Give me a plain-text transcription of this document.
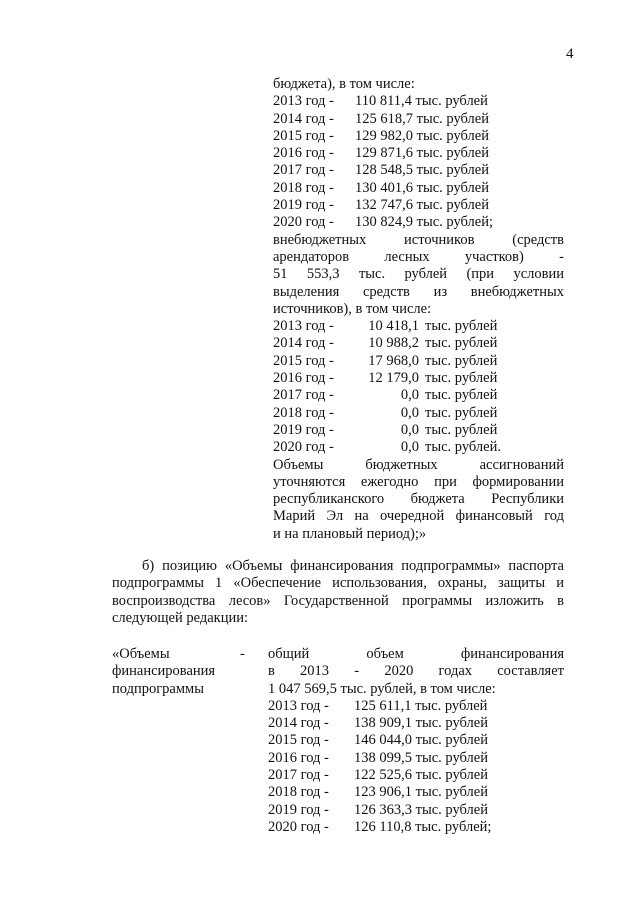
4
бюджета), в том числе:
2013 год -	110 811,4 тыс. рублей
2014 год -	125 618,7 тыс. рублей
2015 год -	129 982,0 тыс. рублей
2016 год -	129 871,6 тыс. рублей
2017 год -	128 548,5 тыс. рублей
2018 год -	130 401,6 тыс. рублей
2019 год -	132 747,6 тыс. рублей
2020 год -	130 824,9 тыс. рублей;
внебюджетных источников (средств
арендаторов лесных участков) -
51 553,3 тыс. рублей (при условии
выделения средств из внебюджетных
источников), в том числе:
2013 год -	10 418,1 тыс. рублей
2014 год -	10 988,2 тыс. рублей
2015 год -	17 968,0 тыс. рублей
2016 год -	12 179,0 тыс. рублей
2017 год -	0,0 тыс. рублей
2018 год -	0,0 тыс. рублей
2019 год -	0,0 тыс. рублей
2020 год -	0,0 тыс. рублей.
Объемы бюджетных ассигнований
уточняются ежегодно при формировании
республиканского бюджета Республики
Марий Эл на очередной финансовый год
и на плановый период);»
б) позицию «Объемы финансирования подпрограммы» паспорта
подпрограммы 1 «Обеспечение использования, охраны, защиты и
воспроизводства лесов» Государственной программы изложить в
следующей редакции:
«Объемы
финансирования
подпрограммы
- общий объем финансирования
в 2013 - 2020 годах составляет
1 047 569,5 тыс. рублей, в том числе:
2013 год -	125 611,1 тыс. рублей
2014 год -	138 909,1 тыс. рублей
2015 год -	146 044,0 тыс. рублей
2016 год -	138 099,5 тыс. рублей
2017 год -	122 525,6 тыс. рублей
2018 год -	123 906,1 тыс. рублей
2019 год -	126 363,3 тыс. рублей
2020 год -	126 110,8 тыс. рублей;
